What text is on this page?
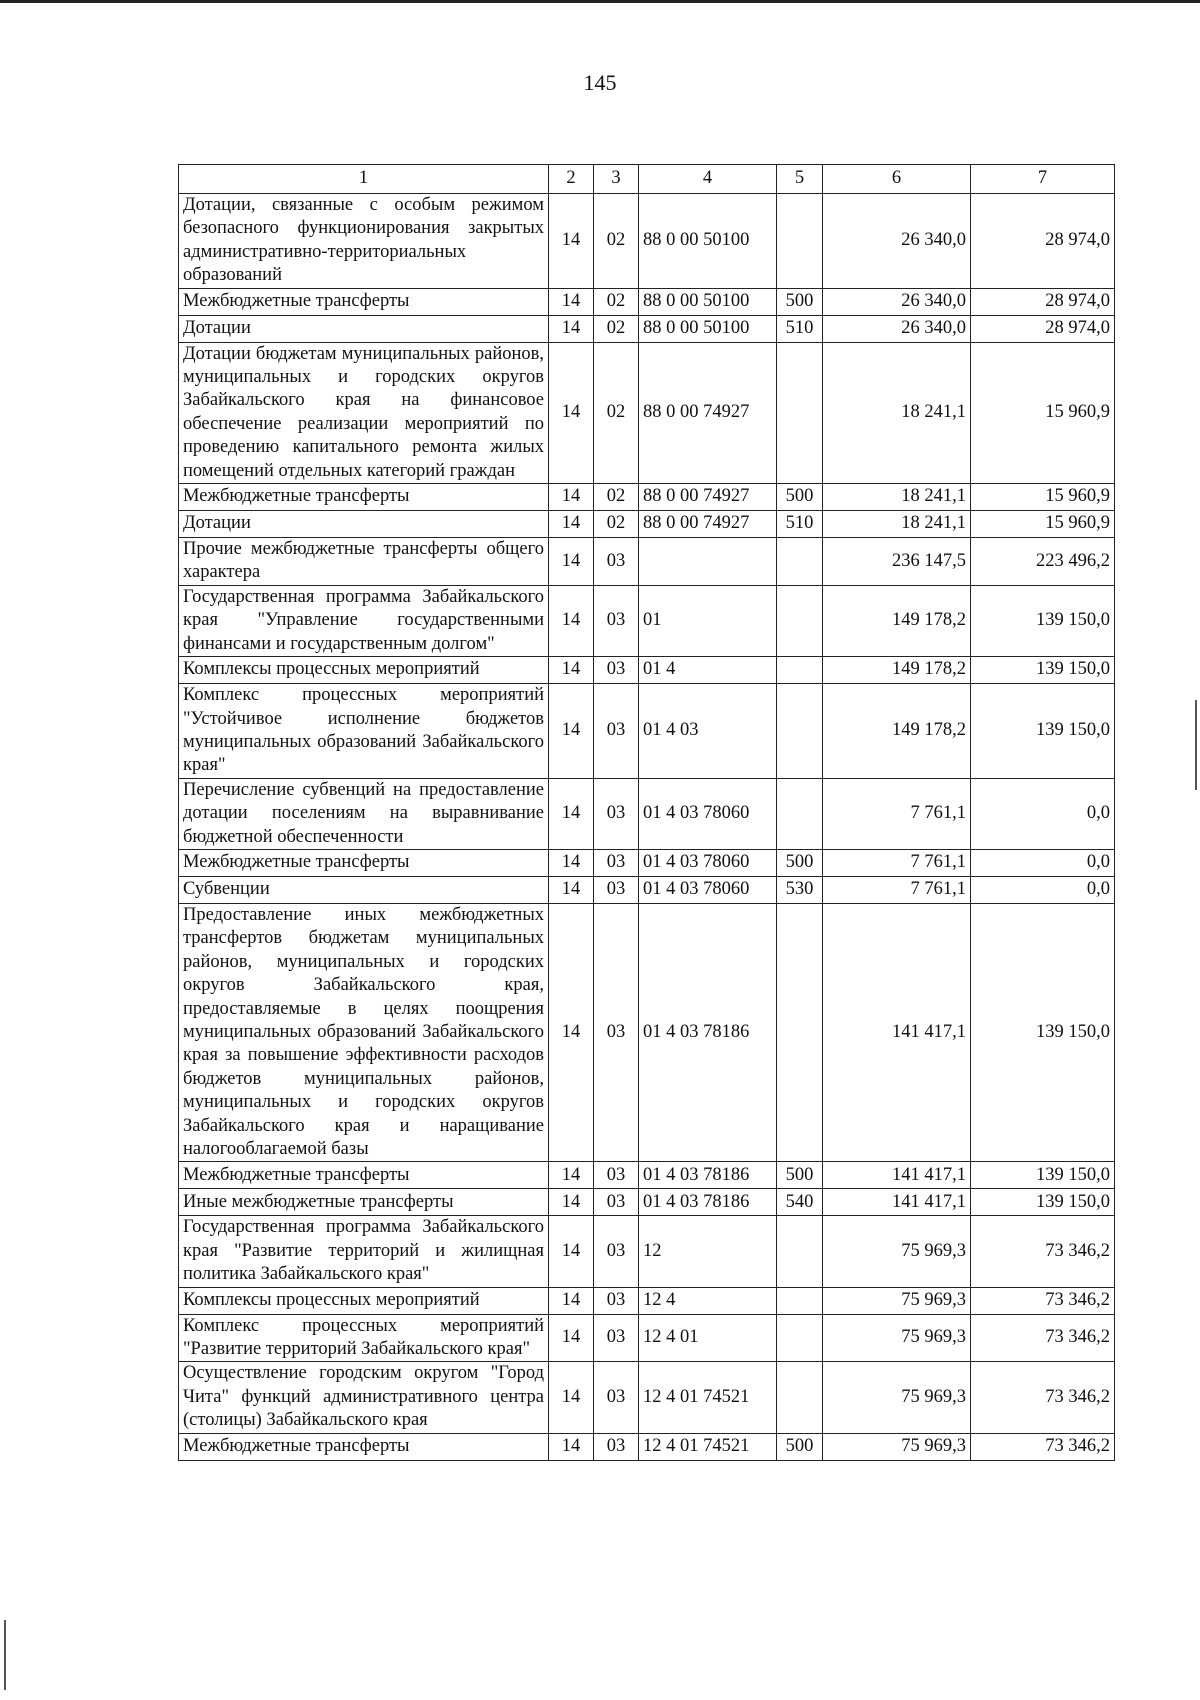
145
1	2	3	4	5	6	7
Дотации, связанные с особым режимом безопасного функционирования закрытых административно-территориальных образований	14	02	88 0 00 50100		26 340,0	28 974,0
Межбюджетные трансферты	14	02	88 0 00 50100	500	26 340,0	28 974,0
Дотации	14	02	88 0 00 50100	510	26 340,0	28 974,0
Дотации бюджетам муниципальных районов, муниципальных и городских округов Забайкальского края на финансовое обеспечение реализации мероприятий по проведению капитального ремонта жилых помещений отдельных категорий граждан	14	02	88 0 00 74927		18 241,1	15 960,9
Межбюджетные трансферты	14	02	88 0 00 74927	500	18 241,1	15 960,9
Дотации	14	02	88 0 00 74927	510	18 241,1	15 960,9
Прочие межбюджетные трансферты общего характера	14	03			236 147,5	223 496,2
Государственная программа Забайкальского края "Управление государственными финансами и государственным долгом"	14	03	01		149 178,2	139 150,0
Комплексы процессных мероприятий	14	03	01 4		149 178,2	139 150,0
Комплекс процессных мероприятий "Устойчивое исполнение бюджетов муниципальных образований Забайкальского края"	14	03	01 4 03		149 178,2	139 150,0
Перечисление субвенций на предоставление дотации поселениям на выравнивание бюджетной обеспеченности	14	03	01 4 03 78060		7 761,1	0,0
Межбюджетные трансферты	14	03	01 4 03 78060	500	7 761,1	0,0
Субвенции	14	03	01 4 03 78060	530	7 761,1	0,0
Предоставление иных межбюджетных трансфертов бюджетам муниципальных районов, муниципальных и городских округов Забайкальского края, предоставляемые в целях поощрения муниципальных образований Забайкальского края за повышение эффективности расходов бюджетов муниципальных районов, муниципальных и городских округов Забайкальского края и наращивание налогооблагаемой базы	14	03	01 4 03 78186		141 417,1	139 150,0
Межбюджетные трансферты	14	03	01 4 03 78186	500	141 417,1	139 150,0
Иные межбюджетные трансферты	14	03	01 4 03 78186	540	141 417,1	139 150,0
Государственная программа Забайкальского края "Развитие территорий и жилищная политика Забайкальского края"	14	03	12		75 969,3	73 346,2
Комплексы процессных мероприятий	14	03	12 4		75 969,3	73 346,2
Комплекс процессных мероприятий "Развитие территорий Забайкальского края"	14	03	12 4 01		75 969,3	73 346,2
Осуществление городским округом "Город Чита" функций административного центра (столицы) Забайкальского края	14	03	12 4 01 74521		75 969,3	73 346,2
Межбюджетные трансферты	14	03	12 4 01 74521	500	75 969,3	73 346,2
